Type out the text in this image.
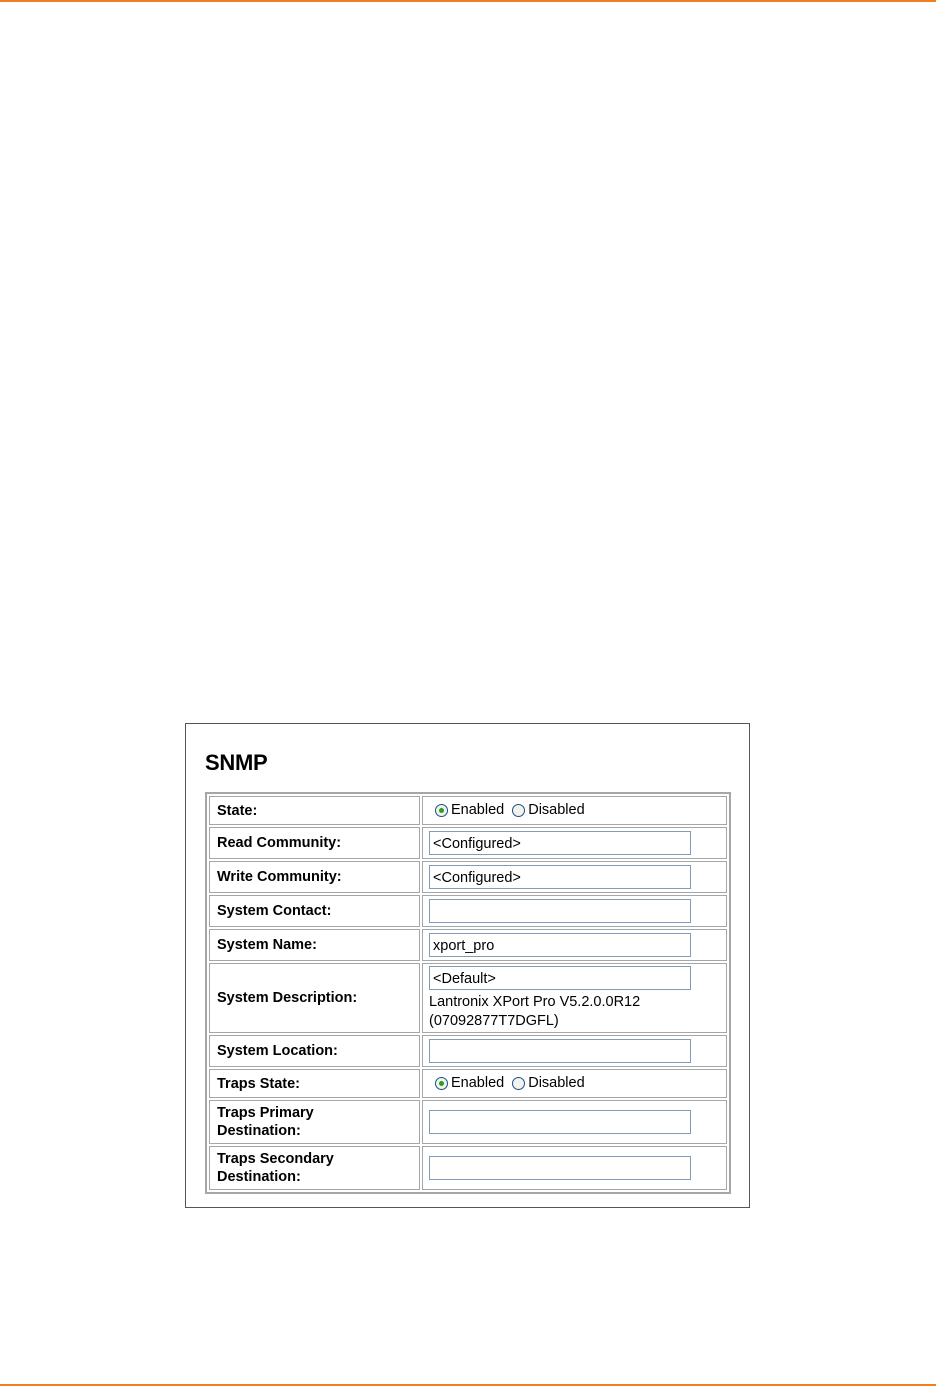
SNMP
State:	Enabled Disabled

Read Community:	<Configured>

Write Community:	<Configured>

System Contact:	

System Name:	xport_pro

System Description:	<Default>
Lantronix XPort Pro V5.2.0.0R12
(07092877T7DGFL)

System Location:	

Traps State:	Enabled Disabled

Traps Primary
Destination:	

Traps Secondary
Destination:	
